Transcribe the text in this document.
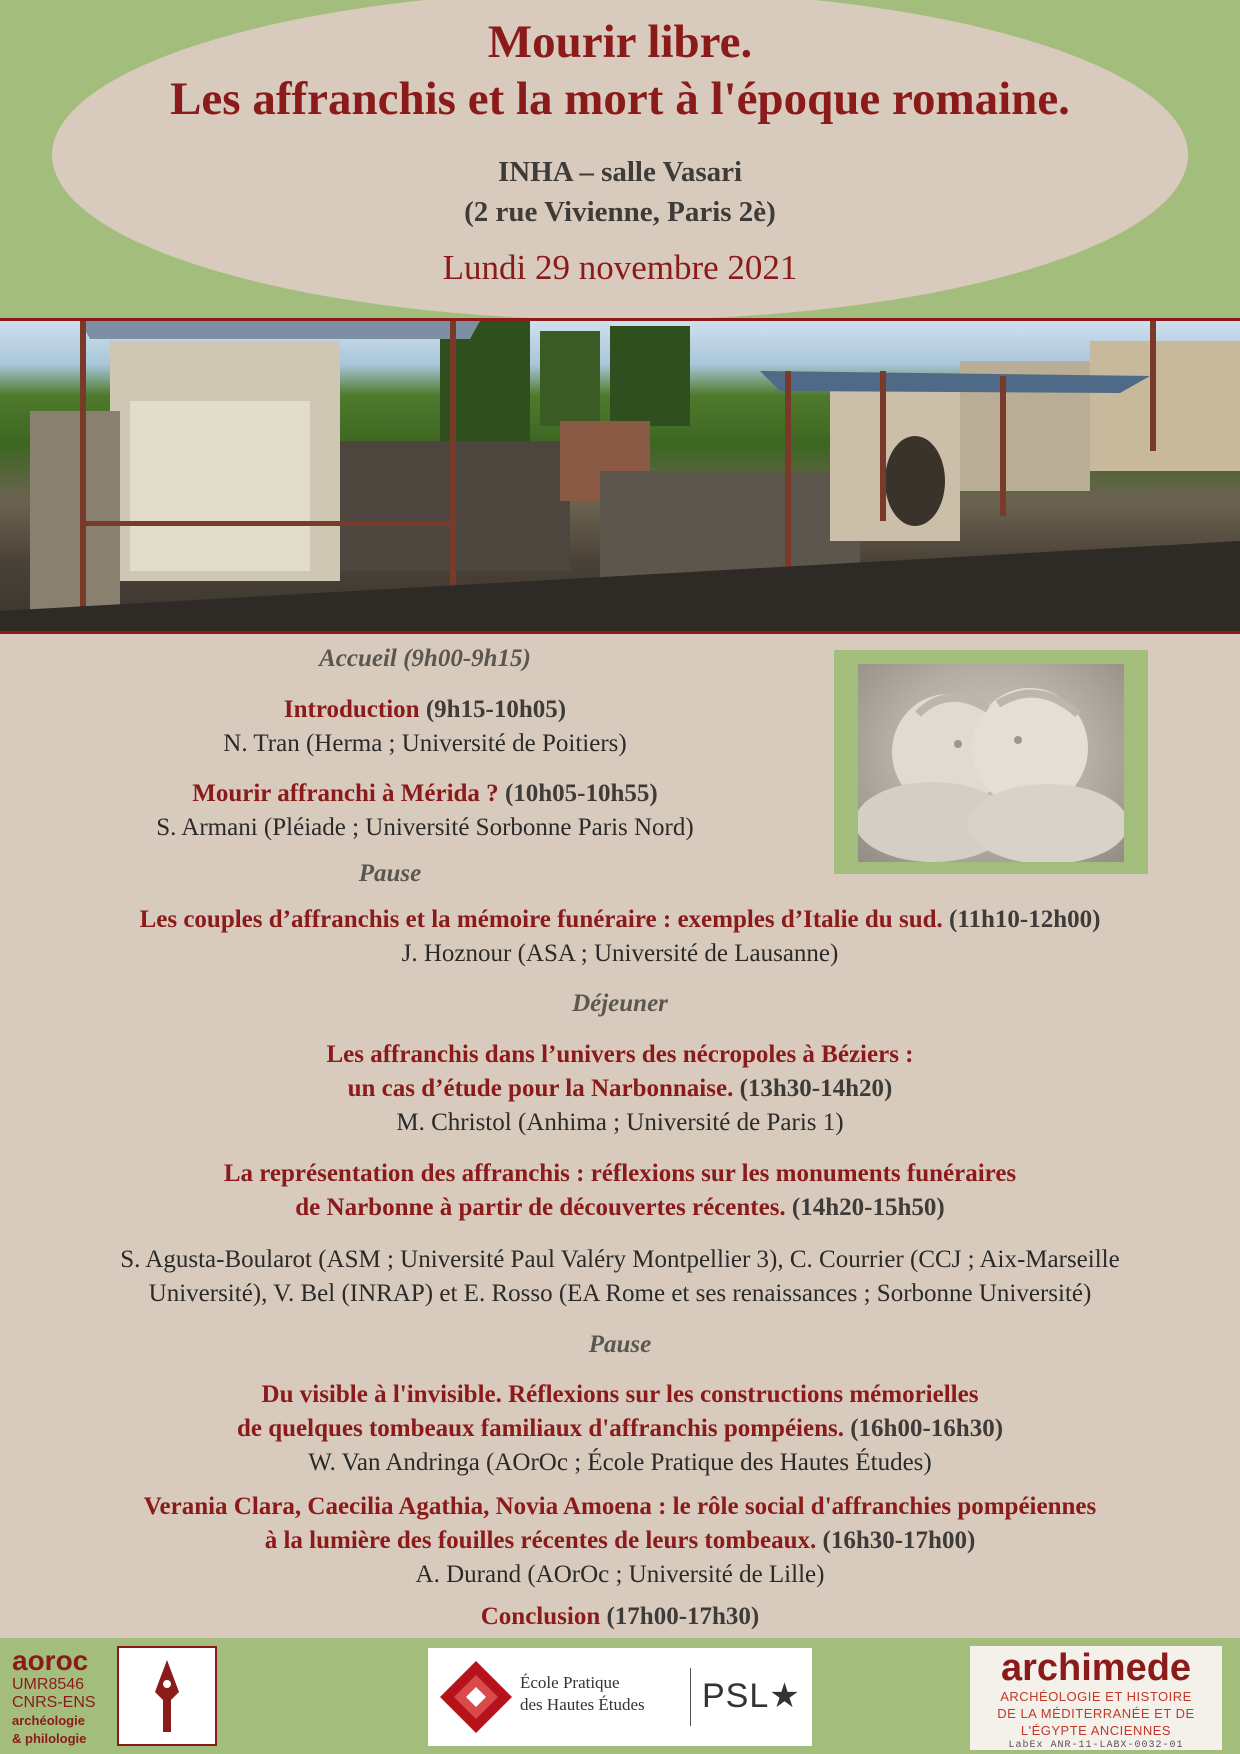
Mourir libre.
Les affranchis et la mort à l'époque romaine.
INHA – salle Vasari
(2 rue Vivienne, Paris 2è)
Lundi 29 novembre 2021
Accueil (9h00-9h15)
Introduction (9h15-10h05)
N. Tran (Herma ; Université de Poitiers)
Mourir affranchi à Mérida ? (10h05-10h55)
S. Armani (Pléiade ; Université Sorbonne Paris Nord)
Pause
Les couples d’affranchis et la mémoire funéraire : exemples d’Italie du sud. (11h10-12h00)
J. Hoznour (ASA ; Université de Lausanne)
Déjeuner
Les affranchis dans l’univers des nécropoles à Béziers :
un cas d’étude pour la Narbonnaise. (13h30-14h20)
M. Christol (Anhima ; Université de Paris 1)
La représentation des affranchis : réflexions sur les monuments funéraires
de Narbonne à partir de découvertes récentes. (14h20-15h50)
S. Agusta-Boularot (ASM ; Université Paul Valéry Montpellier 3), C. Courrier (CCJ ; Aix-Marseille
Université), V. Bel (INRAP) et E. Rosso (EA Rome et ses renaissances ; Sorbonne Université)
Pause
Du visible à l'invisible. Réflexions sur les constructions mémorielles
de quelques tombeaux familiaux d'affranchis pompéiens. (16h00-16h30)
W. Van Andringa (AOrOc ; École Pratique des Hautes Études)
Verania Clara, Caecilia Agathia, Novia Amoena : le rôle social d'affranchies pompéiennes
à la lumière des fouilles récentes de leurs tombeaux. (16h30-17h00)
A. Durand (AOrOc ; Université de Lille)
Conclusion (17h00-17h30)
aoroc
UMR8546
CNRS-ENS
archéologie
& philologie
École Pratique
des Hautes Études PSL★
archimede
ARCHÉOLOGIE ET HISTOIRE
DE LA MÉDITERRANÉE ET DE
L'ÉGYPTE ANCIENNES
LabEx ANR-11-LABX-0032-01
